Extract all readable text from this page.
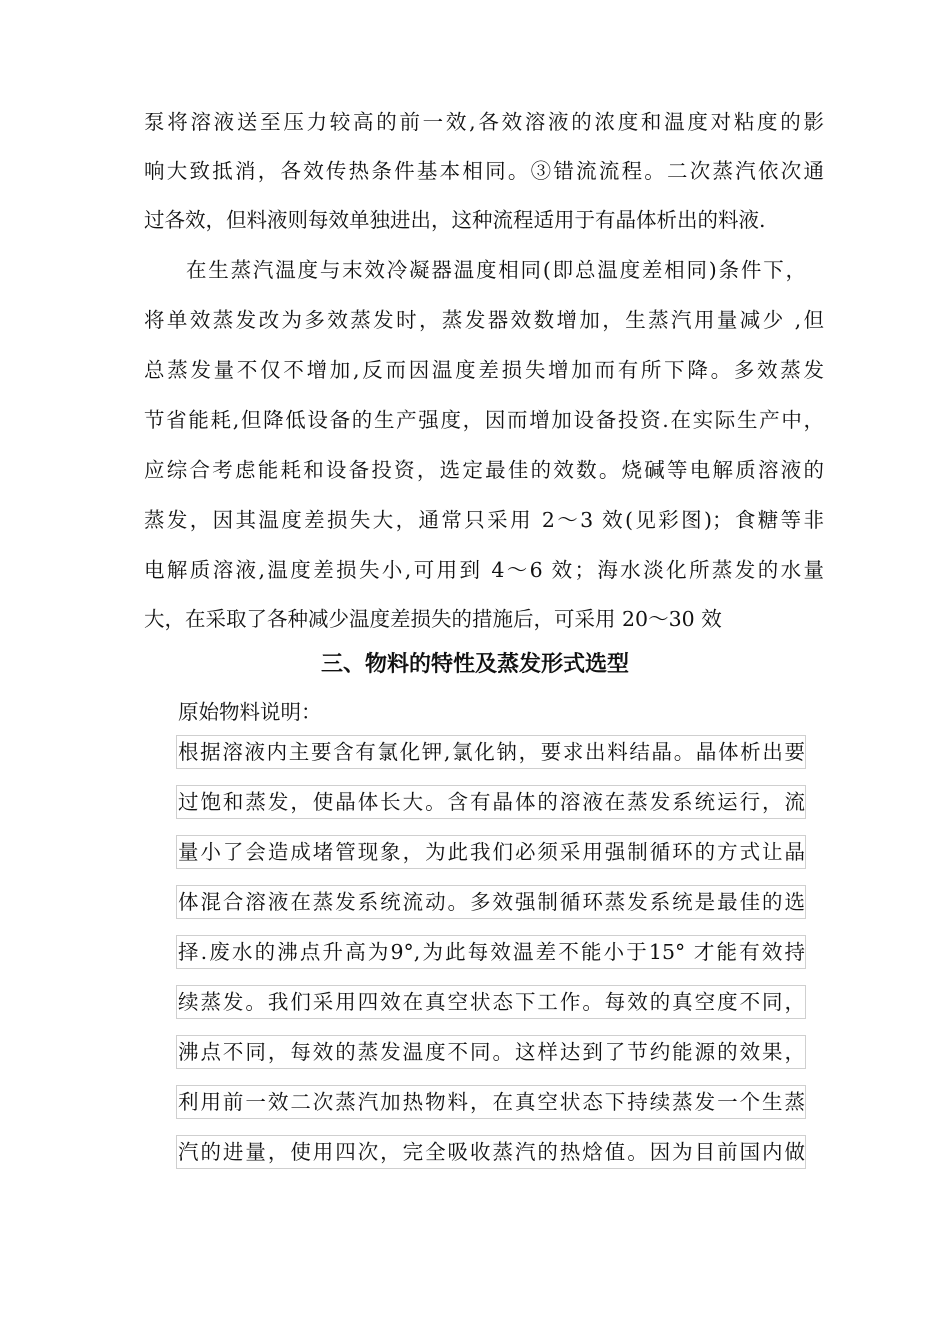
泵将溶液送至压力较高的前一效,各效溶液的浓度和温度对粘度的影
响大致抵消，各效传热条件基本相同。③错流流程。二次蒸汽依次通
过各效，但料液则每效单独进出，这种流程适用于有晶体析出的料液.
在生蒸汽温度与末效冷凝器温度相同(即总温度差相同)条件下，
将单效蒸发改为多效蒸发时，蒸发器效数增加，生蒸汽用量减少 ,但
总蒸发量不仅不增加,反而因温度差损失增加而有所下降。多效蒸发
节省能耗,但降低设备的生产强度，因而增加设备投资.在实际生产中，
应综合考虑能耗和设备投资，选定最佳的效数。烧碱等电解质溶液的
蒸发，因其温度差损失大，通常只采用 2～3 效(见彩图)；食糖等非
电解质溶液,温度差损失小,可用到 4～6 效；海水淡化所蒸发的水量
大，在采取了各种减少温度差损失的措施后，可采用 20～30 效
三、物料的特性及蒸发形式选型
原始物料说明：
根据溶液内主要含有氯化钾,氯化钠，要求出料结晶。晶体析出要
过饱和蒸发，使晶体长大。含有晶体的溶液在蒸发系统运行，流
量小了会造成堵管现象，为此我们必须采用强制循环的方式让晶
体混合溶液在蒸发系统流动。多效强制循环蒸发系统是最佳的选
择.废水的沸点升高为9°,为此每效温差不能小于15° 才能有效持
续蒸发。我们采用四效在真空状态下工作。每效的真空度不同，
沸点不同，每效的蒸发温度不同。这样达到了节约能源的效果，
利用前一效二次蒸汽加热物料，在真空状态下持续蒸发一个生蒸
汽的进量，使用四次，完全吸收蒸汽的热焓值。因为目前国内做
